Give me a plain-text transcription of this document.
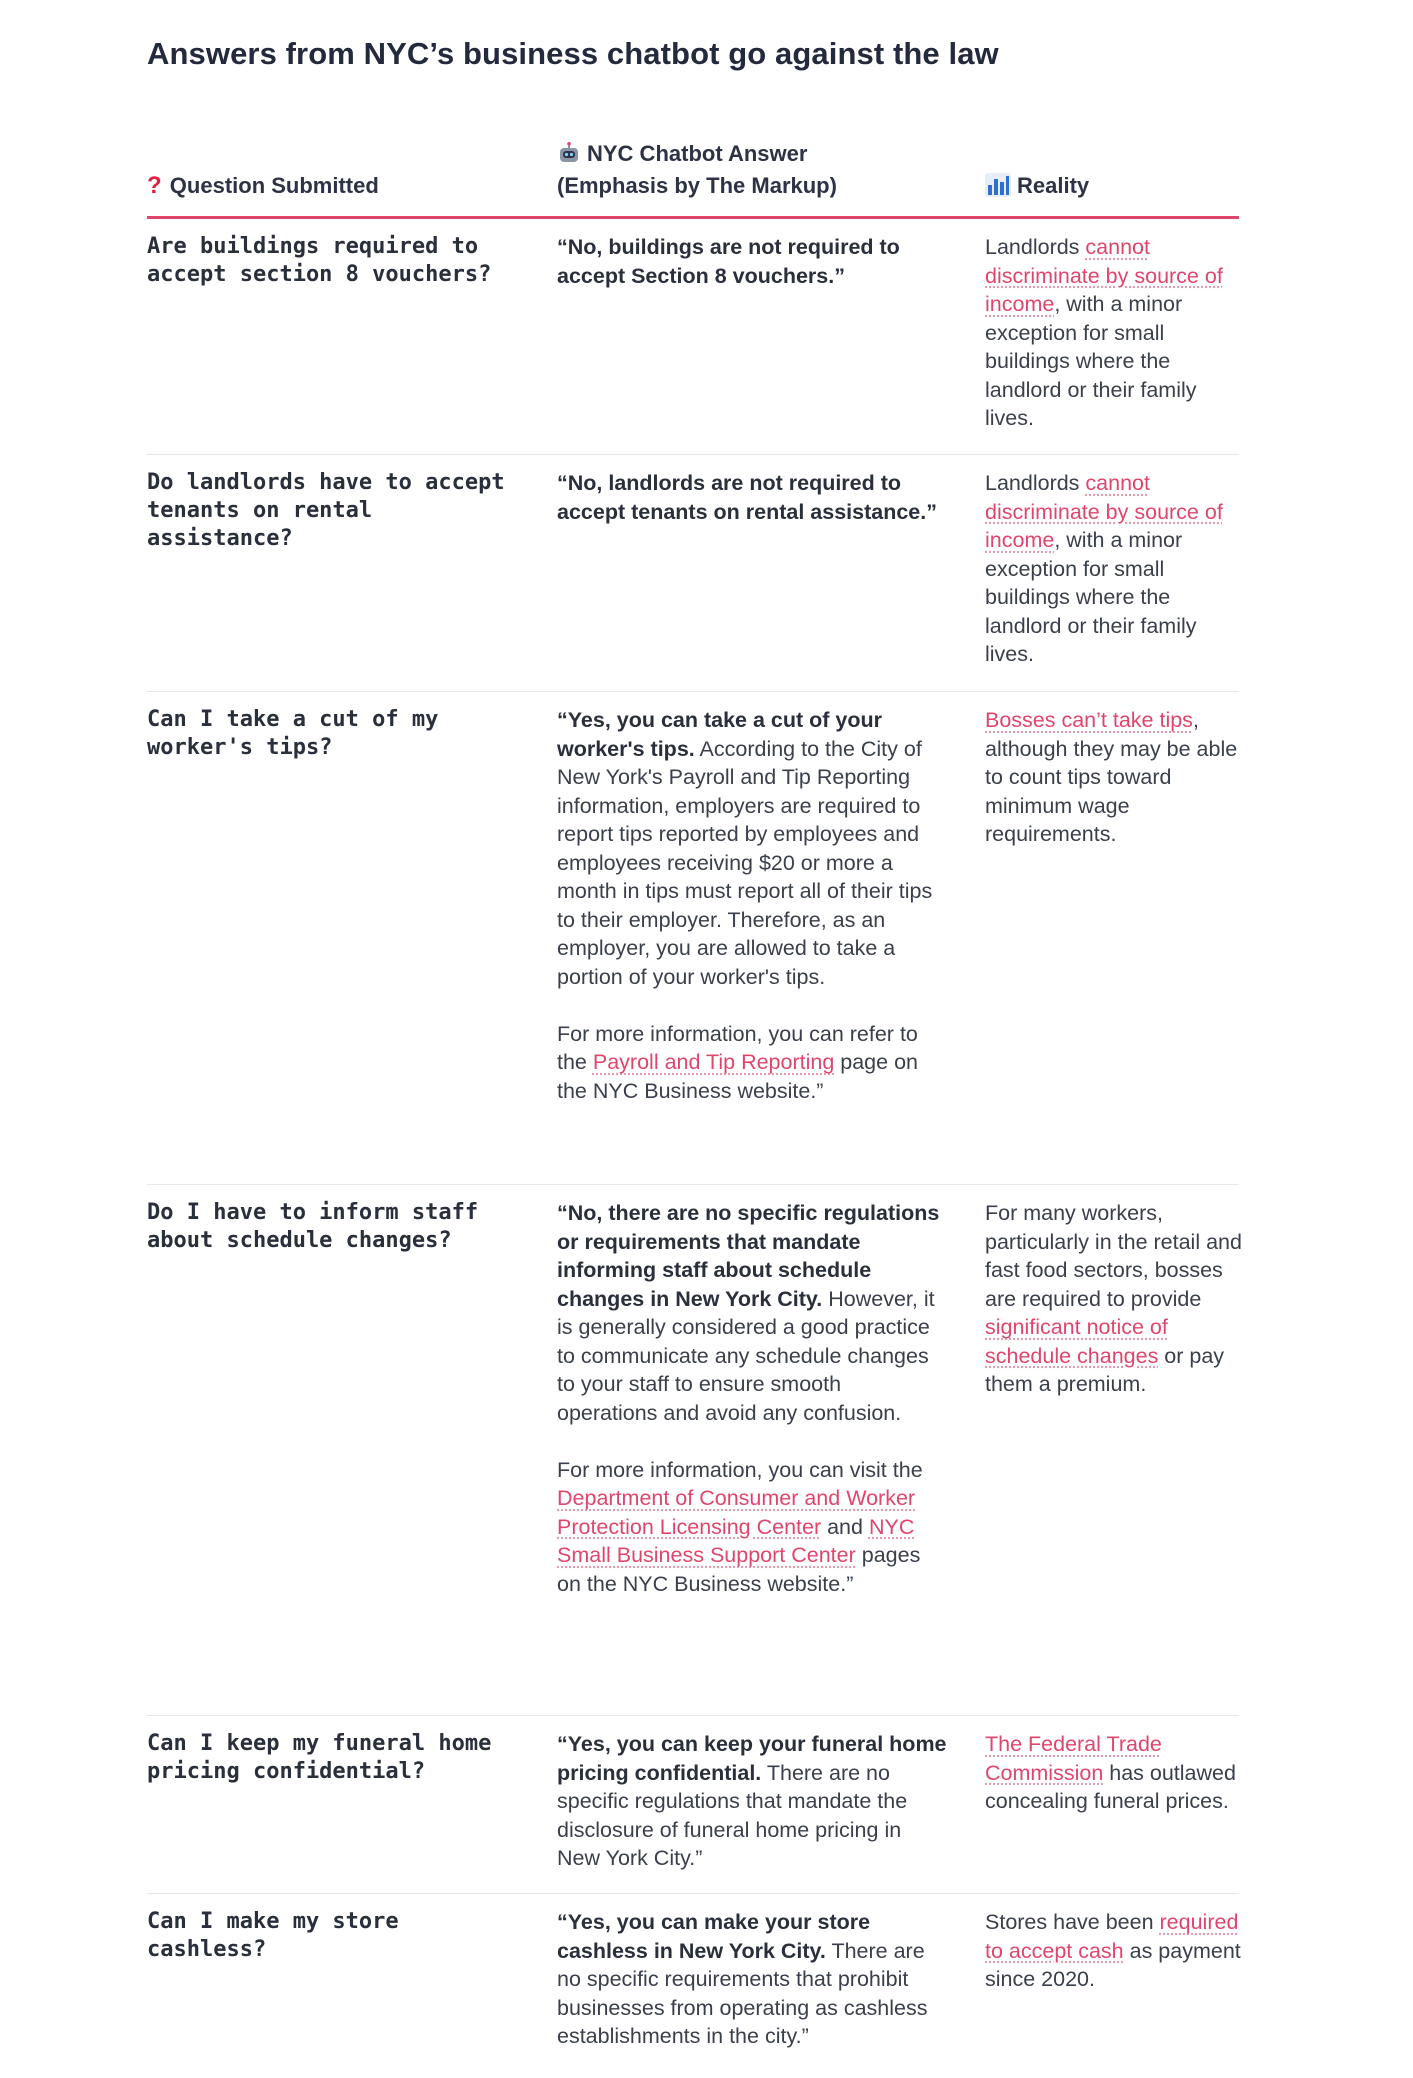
Answers from NYC’s business chatbot go against the law
? Question Submitted
NYC Chatbot Answer
(Emphasis by The Markup)	Reality
Are buildings required to accept section 8 vouchers?

“No, buildings are not required to accept Section 8 vouchers.”

Landlords cannot discriminate by source of income, with a minor exception for small buildings where the landlord or their family lives.

Do landlords have to accept tenants on rental assistance?

“No, landlords are not required to accept tenants on rental assistance.”

Landlords cannot discriminate by source of income, with a minor exception for small buildings where the landlord or their family lives.

Can I take a cut of my worker's tips?

“Yes, you can take a cut of your worker's tips. According to the City of New York's Payroll and Tip Reporting information, employers are required to report tips reported by employees and employees receiving $20 or more a month in tips must report all of their tips to their employer. Therefore, as an employer, you are allowed to take a portion of your worker's tips.

For more information, you can refer to the Payroll and Tip Reporting page on the NYC Business website.”

Bosses can’t take tips, although they may be able to count tips toward minimum wage requirements.

Do I have to inform staff about schedule changes?

“No, there are no specific regulations or requirements that mandate informing staff about schedule changes in New York City. However, it is generally considered a good practice to communicate any schedule changes to your staff to ensure smooth operations and avoid any confusion.

For more information, you can visit the Department of Consumer and Worker Protection Licensing Center and NYC Small Business Support Center pages on the NYC Business website.”

For many workers, particularly in the retail and fast food sectors, bosses are required to provide significant notice of schedule changes or pay them a premium.

Can I keep my funeral home pricing confidential?

“Yes, you can keep your funeral home pricing confidential. There are no specific regulations that mandate the disclosure of funeral home pricing in New York City.”

The Federal Trade Commission has outlawed concealing funeral prices.

Can I make my store cashless?

“Yes, you can make your store cashless in New York City. There are no specific requirements that prohibit businesses from operating as cashless establishments in the city.”

Stores have been required to accept cash as payment since 2020.
